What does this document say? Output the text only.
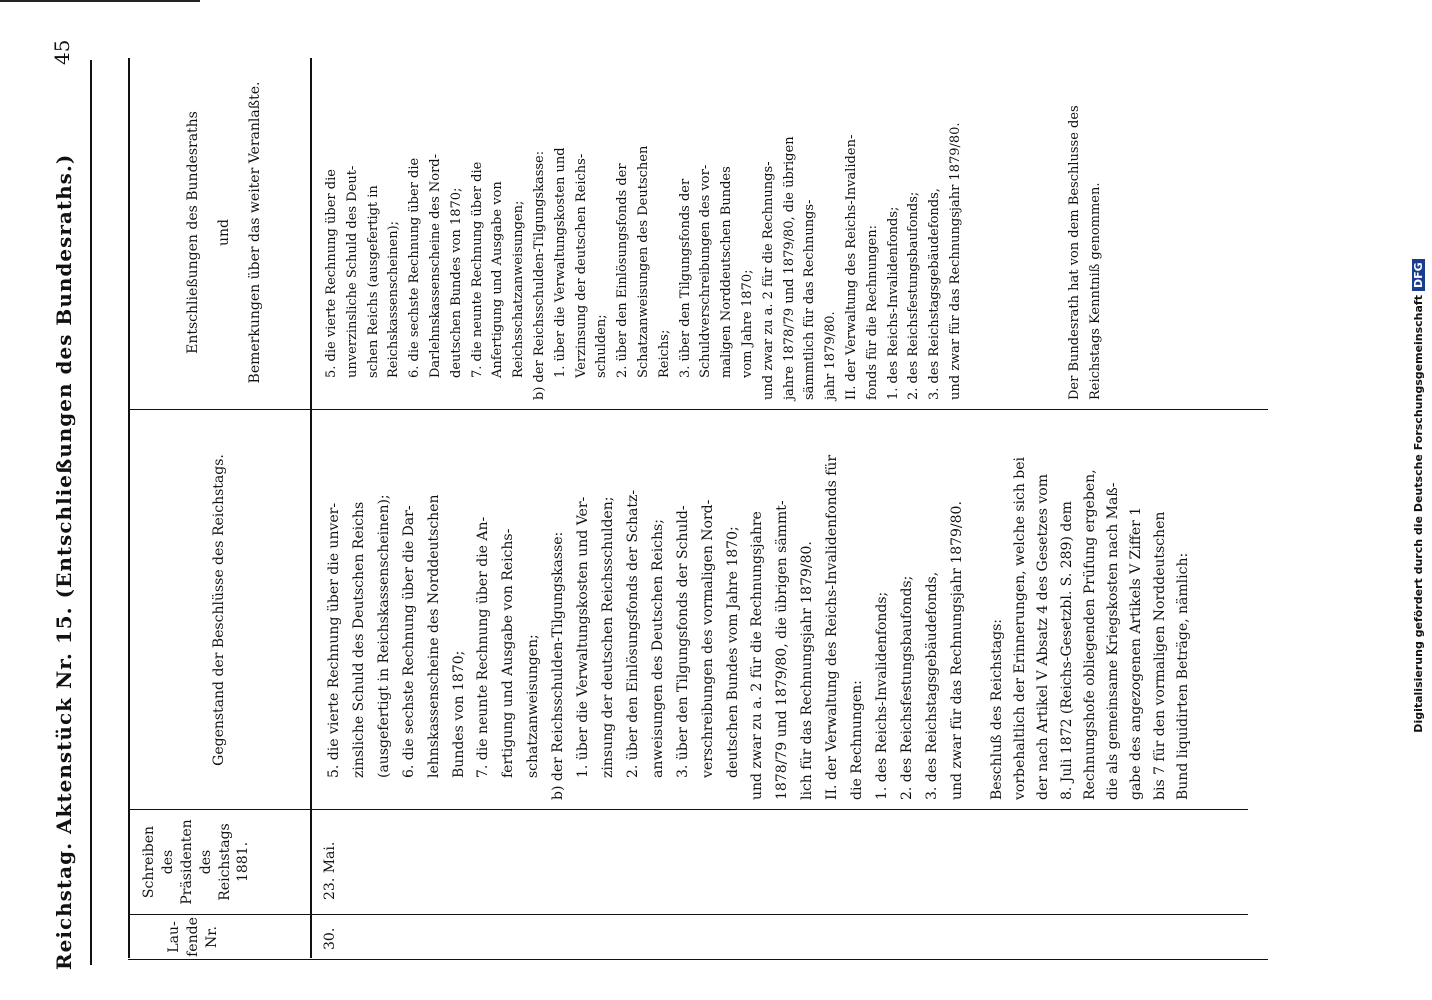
Reichstag. Aktenstück Nr. 15. (Entschließungen des Bundesraths.)
45
Lau-
fende
Nr.
Schreiben
des
Präsidenten
des
Reichstags
1881.
Gegenstand der Beschlüsse des Reichstags.
Entschließungen des Bundesraths
und
Bemerkungen über das weiter Veranlaßte.
30.
23. Mai.

5. die vierte Rechnung über die unver- zinsliche Schuld des Deutschen Reichs (ausgefertigt in Reichskassenscheinen); 6. die sechste Rechnung über die Dar- lehnskassenscheine des Norddeutschen Bundes von 1870; 7. die neunte Rechnung über die An- fertigung und Ausgabe von Reichs- schatzanweisungen; b) der Reichsschulden-Tilgungskasse: 1. über die Verwaltungskosten und Ver- zinsung der deutschen Reichsschulden; 2. über den Einlösungsfonds der Schatz- anweisungen des Deutschen Reichs; 3. über den Tilgungsfonds der Schuld- verschreibungen des vormaligen Nord- deutschen Bundes vom Jahre 1870; und zwar zu a. 2 für die Rechnungsjahre 1878/79 und 1879/80, die übrigen sämmt- lich für das Rechnungsjahr 1879/80. II. der Verwaltung des Reichs-Invalidenfonds für die Rechnungen: 1. des Reichs-Invalidenfonds; 2. des Reichsfestungsbaufonds; 3. des Reichstagsgebäudefonds, und zwar für das Rechnungsjahr 1879/80.	Beschluß des Reichstags: vorbehaltlich der Erinnerungen, welche sich bei der nach Artikel V Absatz 4 des Gesetzes vom 8. Juli 1872 (Reichs-Gesetzbl. S. 289) dem Rechnungshofe obliegenden Prüfung ergeben, die als gemeinsame Kriegskosten nach Maß- gabe des angezogenen Artikels V Ziffer 1 bis 7 für den vormaligen Norddeutschen Bund liquidirten Beträge, nämlich:

5. die vierte Rechnung über die unverzinsliche Schuld des Deut- schen Reichs (ausgefertigt in Reichskassenscheinen); 6. die sechste Rechnung über die Darlehnskassenscheine des Nord- deutschen Bundes von 1870; 7. die neunte Rechnung über die Anfertigung und Ausgabe von Reichsschatzanweisungen; b) der Reichsschulden-Tilgungskasse: 1. über die Verwaltungskosten und Verzinsung der deutschen Reichs- schulden; 2. über den Einlösungsfonds der Schatzanweisungen des Deutschen Reichs; 3. über den Tilgungsfonds der Schuldverschreibungen des vor- maligen Norddeutschen Bundes vom Jahre 1870; und zwar zu a. 2 für die Rechnungs- jahre 1878/79 und 1879/80, die übrigen sämmtlich für das Rechnungs- jahr 1879/80. II. der Verwaltung des Reichs-Invaliden- fonds für die Rechnungen: 1. des Reichs-Invalidenfonds; 2. des Reichsfestungsbaufonds; 3. des Reichstagsgebäudefonds, und zwar für das Rechnungsjahr 1879/80.	Der Bundesrath hat von dem Beschlusse des Reichstags Kenntniß genommen.

Digitalisierung gefördert durch die Deutsche ForschungsgemeinschaftDFG
